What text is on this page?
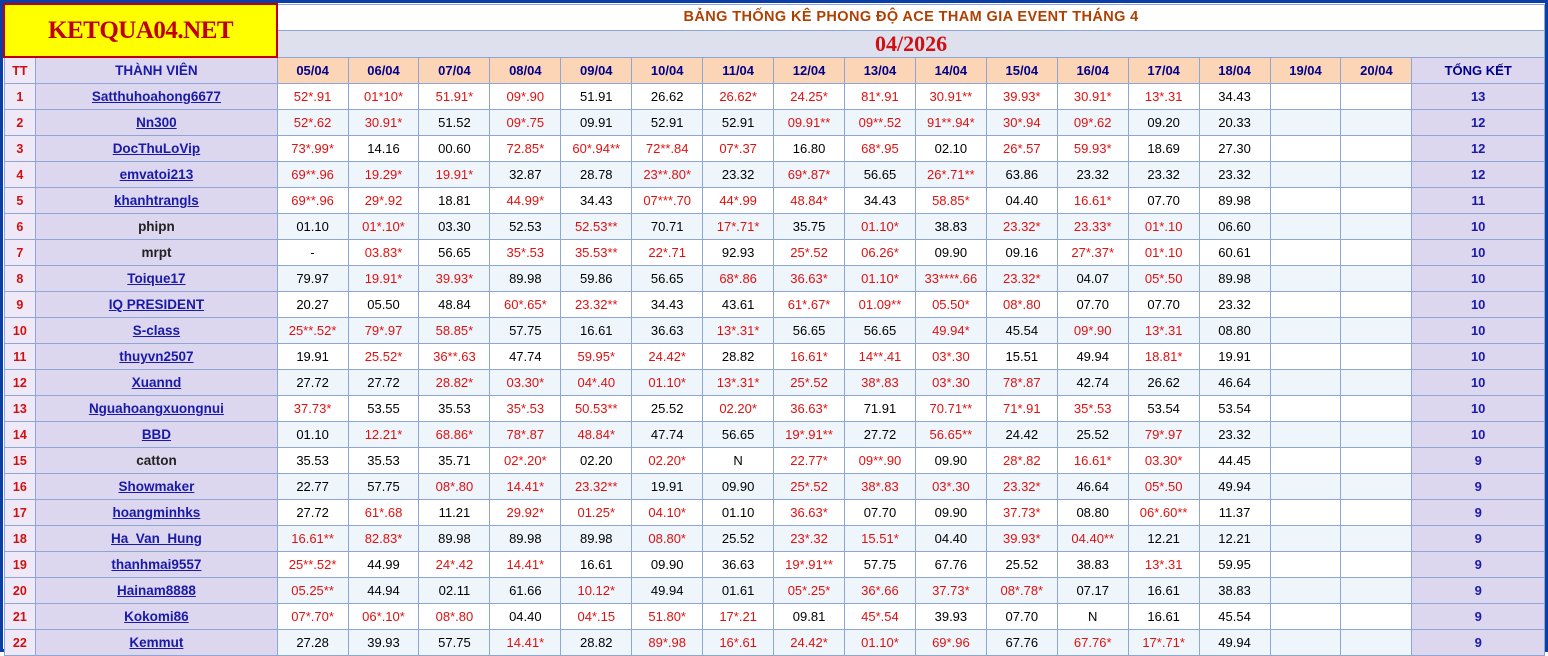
KETQUA04.NET		BẢNG THỐNG KÊ PHONG ĐỘ ACE THAM GIA EVENT THÁNG 4																
		04/2026																
TT	THÀNH VIÊN	05/04	06/04	07/04	08/04	09/04	10/04	11/04	12/04	13/04	14/04	15/04	16/04	17/04	18/04	19/04	20/04	TỔNG KẾT
1	Satthuhoahong6677	52*.91	01*10*	51.91*	09*.90	51.91	26.62	26.62*	24.25*	81*.91	30.91**	39.93*	30.91*	13*.31	34.43			13
2	Nn300	52*.62	30.91*	51.52	09*.75	09.91	52.91	52.91	09.91**	09**.52	91**.94*	30*.94	09*.62	09.20	20.33			12
3	DocThuLoVip	73*.99*	14.16	00.60	72.85*	60*.94**	72**.84	07*.37	16.80	68*.95	02.10	26*.57	59.93*	18.69	27.30			12
4	emvatoi213	69**.96	19.29*	19.91*	32.87	28.78	23**.80*	23.32	69*.87*	56.65	26*.71**	63.86	23.32	23.32	23.32			12
5	khanhtrangls	69**.96	29*.92	18.81	44.99*	34.43	07***.70	44*.99	48.84*	34.43	58.85*	04.40	16.61*	07.70	89.98			11
6	phipn	01.10	01*.10*	03.30	52.53	52.53**	70.71	17*.71*	35.75	01.10*	38.83	23.32*	23.33*	01*.10	06.60			10
7	mrpt	-	03.83*	56.65	35*.53	35.53**	22*.71	92.93	25*.52	06.26*	09.90	09.16	27*.37*	01*.10	60.61			10
8	Toique17	79.97	19.91*	39.93*	89.98	59.86	56.65	68*.86	36.63*	01.10*	33****.66	23.32*	04.07	05*.50	89.98			10
9	IQ PRESIDENT	20.27	05.50	48.84	60*.65*	23.32**	34.43	43.61	61*.67*	01.09**	05.50*	08*.80	07.70	07.70	23.32			10
10	S-class	25**.52*	79*.97	58.85*	57.75	16.61	36.63	13*.31*	56.65	56.65	49.94*	45.54	09*.90	13*.31	08.80			10
11	thuyvn2507	19.91	25.52*	36**.63	47.74	59.95*	24.42*	28.82	16.61*	14**.41	03*.30	15.51	49.94	18.81*	19.91			10
12	Xuannd	27.72	27.72	28.82*	03.30*	04*.40	01.10*	13*.31*	25*.52	38*.83	03*.30	78*.87	42.74	26.62	46.64			10
13	Nguahoangxuongnui	37.73*	53.55	35.53	35*.53	50.53**	25.52	02.20*	36.63*	71.91	70.71**	71*.91	35*.53	53.54	53.54			10
14	BBD	01.10	12.21*	68.86*	78*.87	48.84*	47.74	56.65	19*.91**	27.72	56.65**	24.42	25.52	79*.97	23.32			10
15	catton	35.53	35.53	35.71	02*.20*	02.20	02.20*	N	22.77*	09**.90	09.90	28*.82	16.61*	03.30*	44.45			9
16	Showmaker	22.77	57.75	08*.80	14.41*	23.32**	19.91	09.90	25*.52	38*.83	03*.30	23.32*	46.64	05*.50	49.94			9
17	hoangminhks	27.72	61*.68	11.21	29.92*	01.25*	04.10*	01.10	36.63*	07.70	09.90	37.73*	08.80	06*.60**	11.37			9
18	Ha_Van_Hung	16.61**	82.83*	89.98	89.98	89.98	08.80*	25.52	23*.32	15.51*	04.40	39.93*	04.40**	12.21	12.21			9
19	thanhmai9557	25**.52*	44.99	24*.42	14.41*	16.61	09.90	36.63	19*.91**	57.75	67.76	25.52	38.83	13*.31	59.95			9
20	Hainam8888	05.25**	44.94	02.11	61.66	10.12*	49.94	01.61	05*.25*	36*.66	37.73*	08*.78*	07.17	16.61	38.83			9
21	Kokomi86	07*.70*	06*.10*	08*.80	04.40	04*.15	51.80*	17*.21	09.81	45*.54	39.93	07.70	N	16.61	45.54			9
22	Kemmut	27.28	39.93	57.75	14.41*	28.82	89*.98	16*.61	24.42*	01.10*	69*.96	67.76	67.76*	17*.71*	49.94			9
